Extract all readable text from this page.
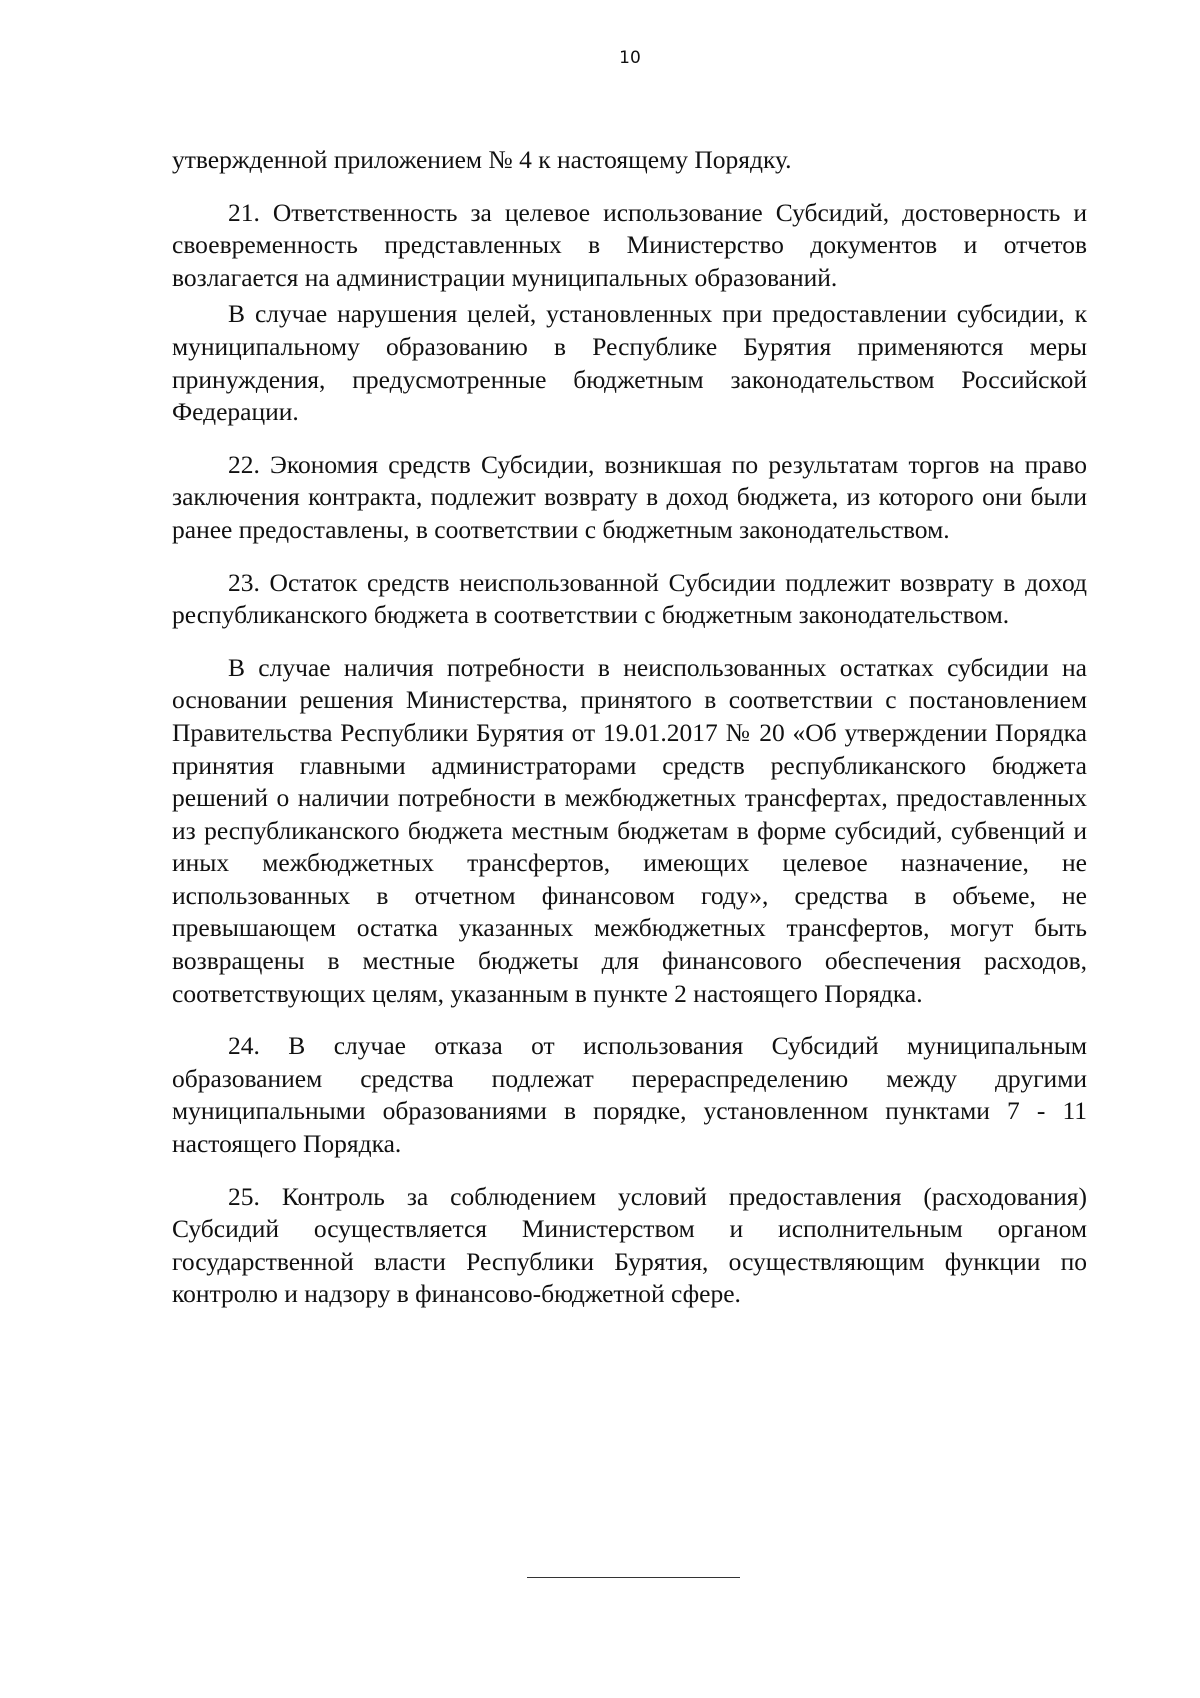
10

утвержденной приложением № 4 к настоящему Порядку.

21. Ответственность за целевое использование Субсидий, достоверность и своевременность представленных в Министерство документов и отчетов возлагается на администрации муниципальных образований.

В случае нарушения целей, установленных при предоставлении субсидии, к муниципальному образованию в Республике Бурятия применяются меры принуждения, предусмотренные бюджетным законодательством Российской Федерации.

22. Экономия средств Субсидии, возникшая по результатам торгов на право заключения контракта, подлежит возврату в доход бюджета, из которого они были ранее предоставлены, в соответствии с бюджетным законодательством.

23. Остаток средств неиспользованной Субсидии подлежит возврату в доход республиканского бюджета в соответствии с бюджетным законодательством.

В случае наличия потребности в неиспользованных остатках субсидии на основании решения Министерства, принятого в соответствии с постановлением Правительства Республики Бурятия от 19.01.2017 № 20 «Об утверждении Порядка принятия главными администраторами средств республиканского бюджета решений о наличии потребности в межбюджетных трансфертах, предоставленных из республиканского бюджета местным бюджетам в форме субсидий, субвенций и иных межбюджетных трансфертов, имеющих целевое назначение, не использованных в отчетном финансовом году», средства в объеме, не превышающем остатка указанных межбюджетных трансфертов, могут быть возвращены в местные бюджеты для финансового обеспечения расходов, соответствующих целям, указанным в пункте 2 настоящего Порядка.

24. В случае отказа от использования Субсидий муниципальным образованием средства подлежат перераспределению между другими муниципальными образованиями в порядке, установленном пунктами 7 - 11 настоящего Порядка.

25. Контроль за соблюдением условий предоставления (расходования) Субсидий осуществляется Министерством и исполнительным органом государственной власти Республики Бурятия, осуществляющим функции по контролю и надзору в финансово-бюджетной сфере.
